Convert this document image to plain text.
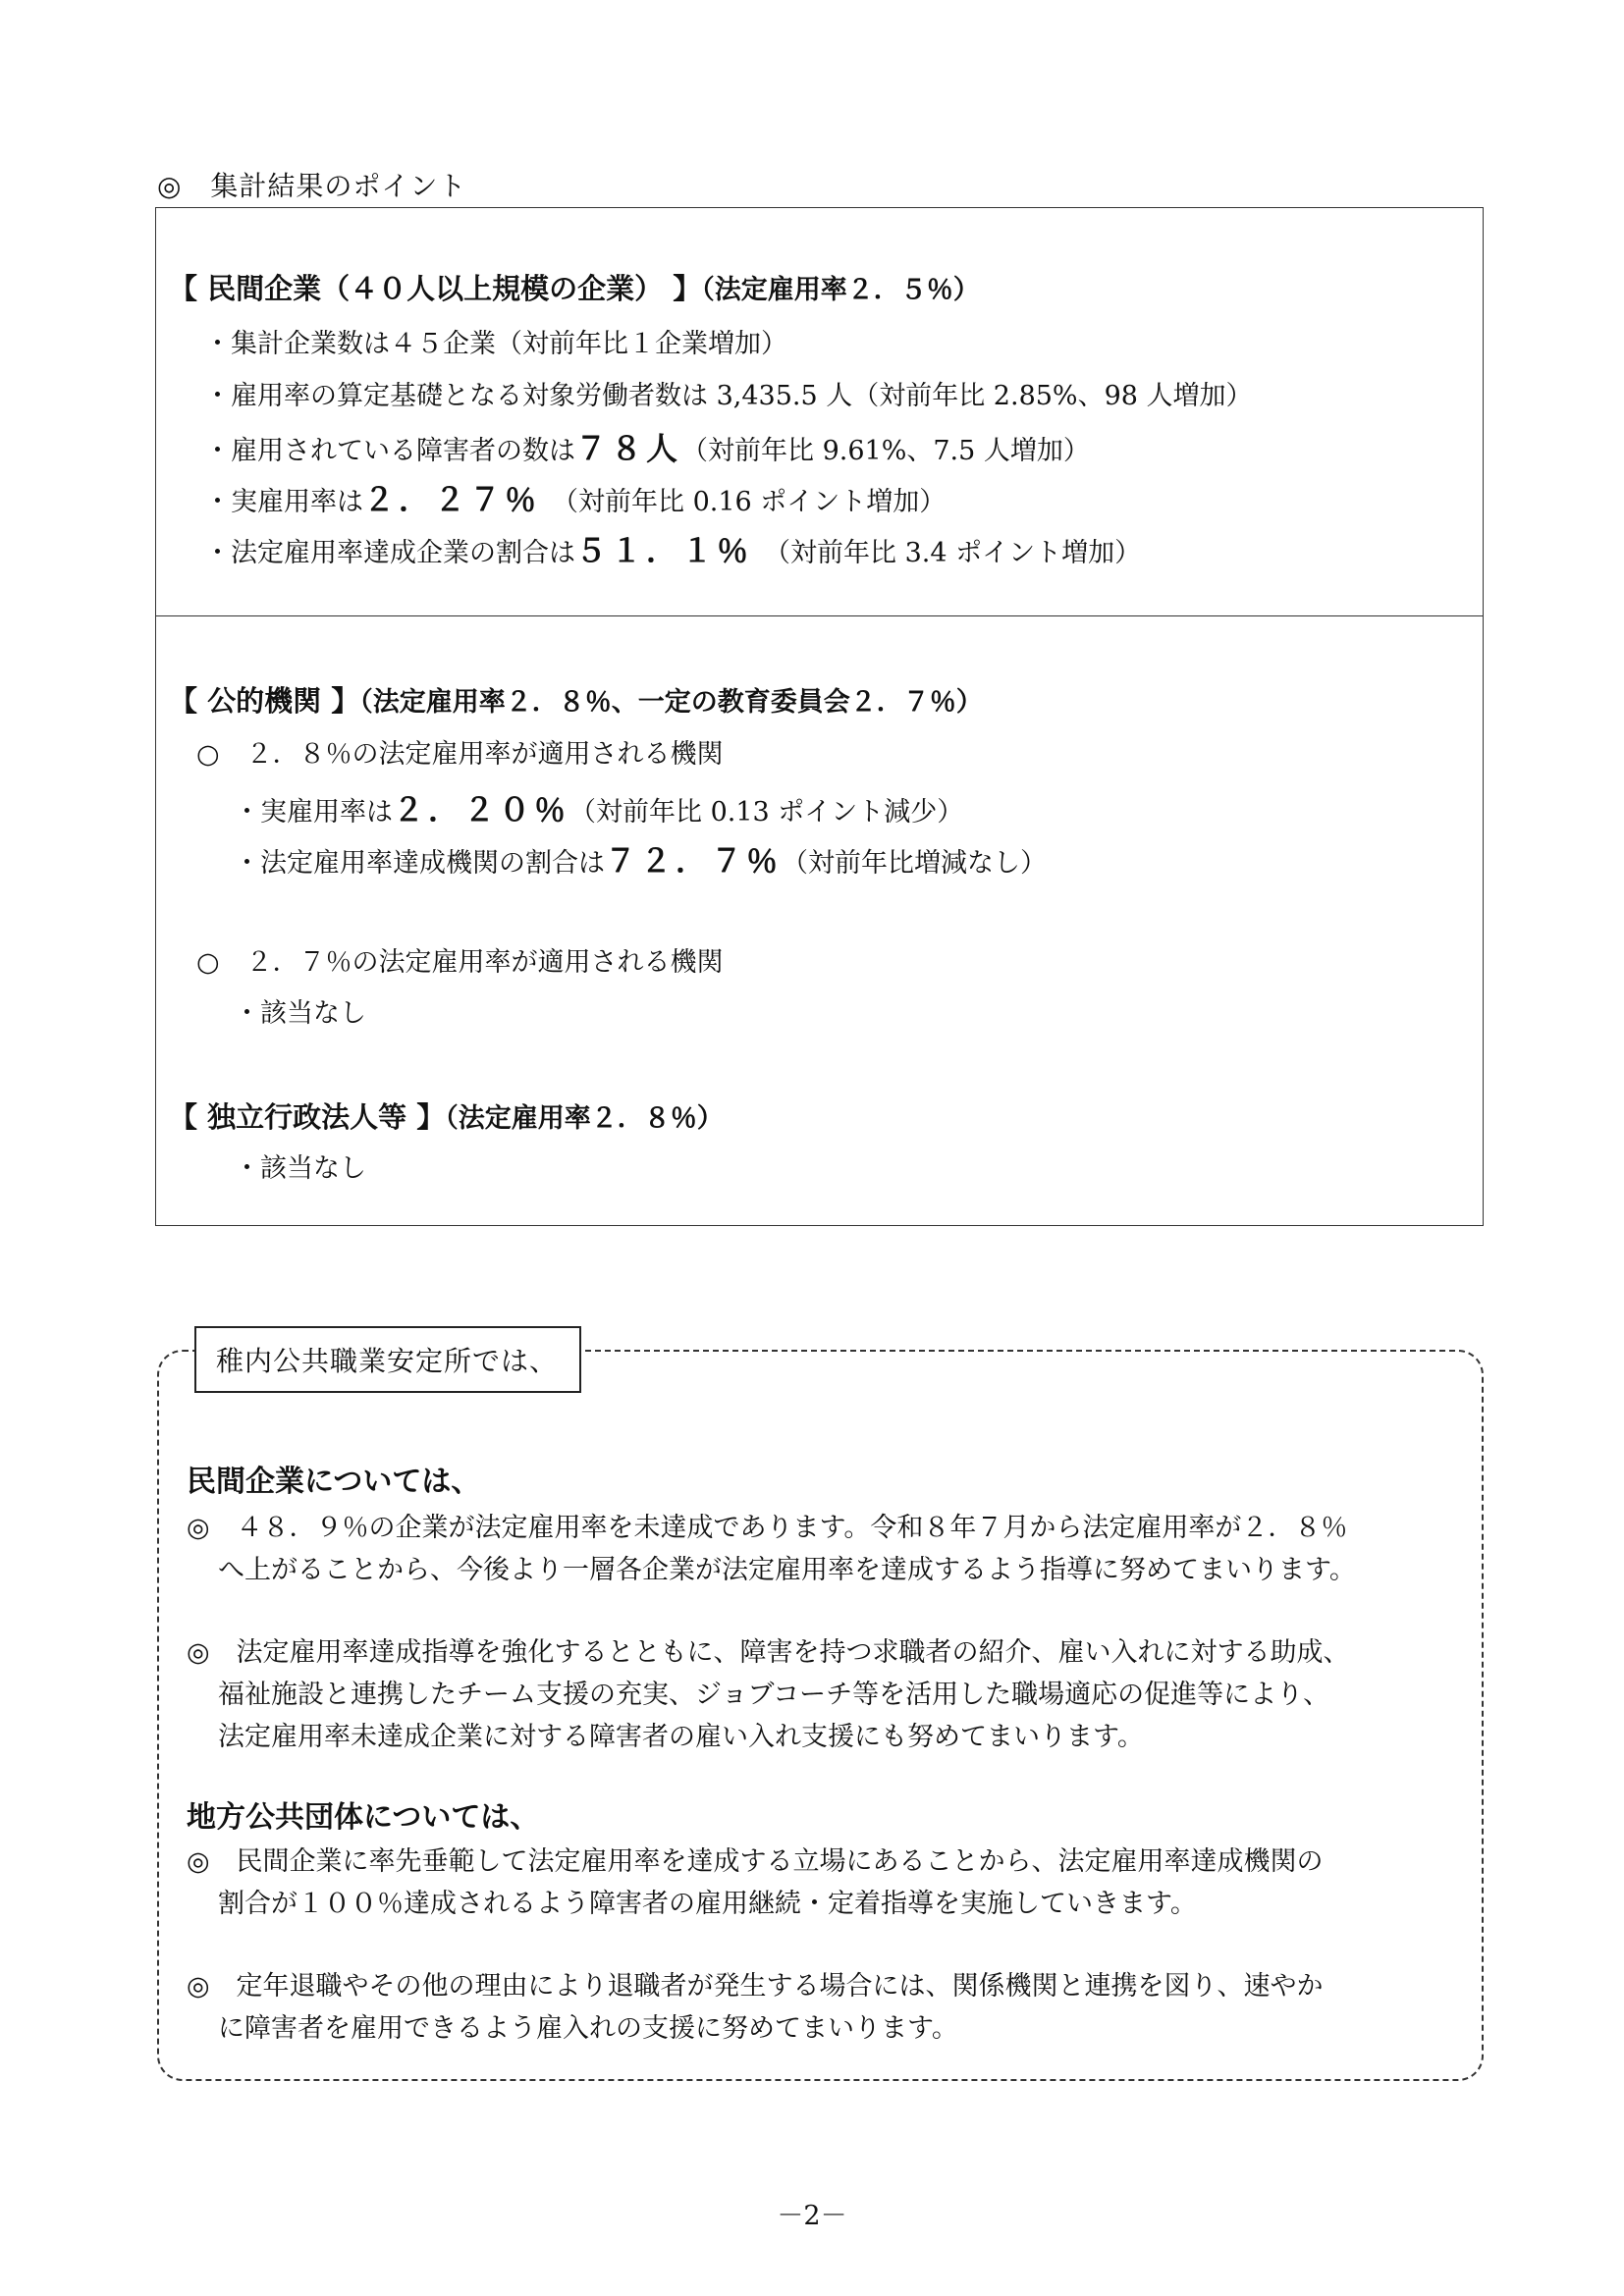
◎　集計結果のポイント
【 民間企業（４０人以上規模の企業） 】（法定雇用率２．５％）
・集計企業数は４５企業（対前年比１企業増加）
・雇用率の算定基礎となる対象労働者数は 3,435.5 人（対前年比 2.85%、98 人増加）
・雇用されている障害者の数は７８人（対前年比 9.61%、7.5 人増加）
・実雇用率は２．２７％ （対前年比 0.16 ポイント増加）
・法定雇用率達成企業の割合は５１．１％ （対前年比 3.4 ポイント増加）
【 公的機関 】（法定雇用率２．８％、一定の教育委員会２．７％）
○　２．８％の法定雇用率が適用される機関
・実雇用率は２．２０％（対前年比 0.13 ポイント減少）
・法定雇用率達成機関の割合は７２．７％（対前年比増減なし）
○　２．７％の法定雇用率が適用される機関
・該当なし
【 独立行政法人等 】（法定雇用率２．８％）
・該当なし
稚内公共職業安定所では、
民間企業については、
◎　４８．９％の企業が法定雇用率を未達成であります。令和８年７月から法定雇用率が２．８％
へ上がることから、今後より一層各企業が法定雇用率を達成するよう指導に努めてまいります。
◎　法定雇用率達成指導を強化するとともに、障害を持つ求職者の紹介、雇い入れに対する助成、
福祉施設と連携したチーム支援の充実、ジョブコーチ等を活用した職場適応の促進等により、
法定雇用率未達成企業に対する障害者の雇い入れ支援にも努めてまいります。
地方公共団体については、
◎　民間企業に率先垂範して法定雇用率を達成する立場にあることから、法定雇用率達成機関の
割合が１００％達成されるよう障害者の雇用継続・定着指導を実施していきます。
◎　定年退職やその他の理由により退職者が発生する場合には、関係機関と連携を図り、速やか
に障害者を雇用できるよう雇入れの支援に努めてまいります。
－2－
